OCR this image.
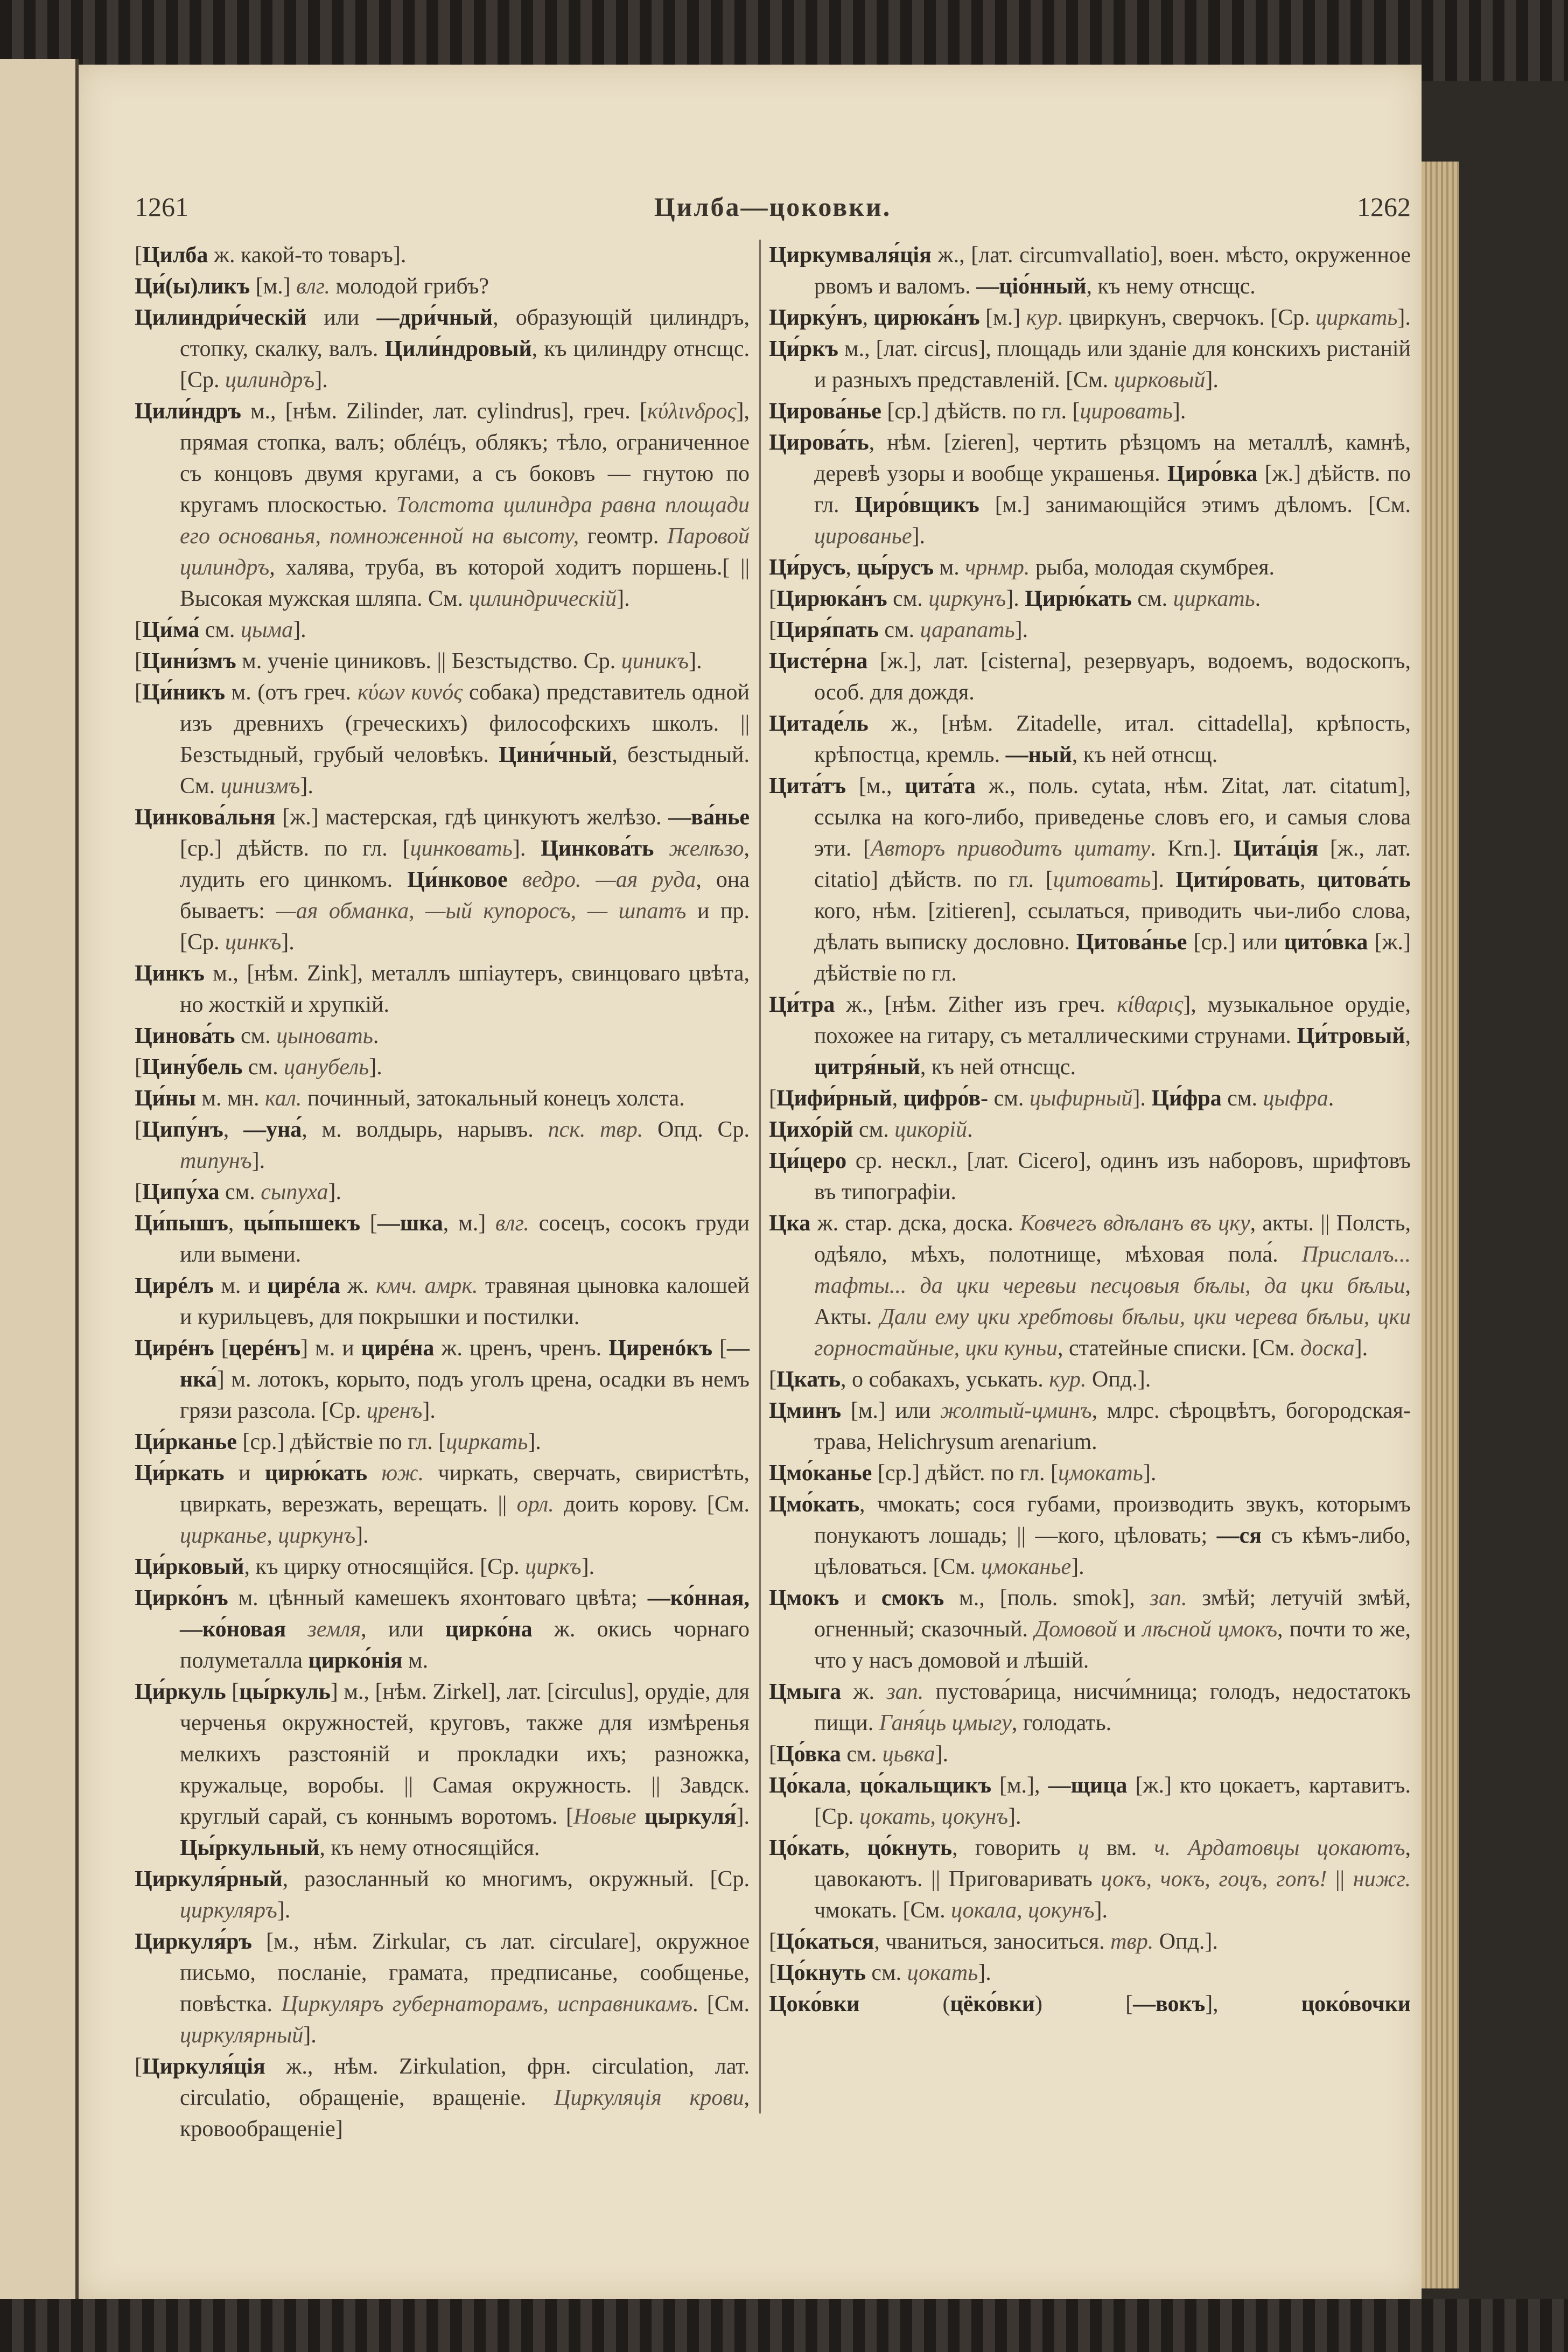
1261	Цилба—цоковки.	1262

[Цилба ж. какой-то товаръ].

Ци́(ы)ликъ [м.] влг. молодой грибъ?

Цилиндри́ческій или —дри́чный, образующій цилиндръ, стопку, скалку, валъ. Цили́ндровый, къ цилиндру отнсщс. [Ср. цилиндръ].

Цили́ндръ м., [нѣм. Zilinder, лат. cylindrus], греч. [κύλινδρος], прямая стопка, валъ; облéцъ, облякъ; тѣло, ограниченное съ концовъ двумя кругами, а съ боковъ — гнутою по кругамъ плоскостью. Толстота цилиндра равна площади его основанья, помноженной на высоту, геомтр. Паровой цилиндръ, халява, труба, въ которой ходитъ поршень.[ ||Высокая мужская шляпа. См. цилиндрическій].

[Ци́ма́ см. цыма].

[Цини́змъ м. ученіе циниковъ. || Безстыдство. Ср. циникъ].

[Ци́никъ м. (отъ греч. κύων κυνός собака) представитель одной изъ древнихъ (греческихъ) философскихъ школъ. || Безстыдный, грубый человѣкъ. Цини́чный, безстыдный. См. цинизмъ].

Цинкова́льня [ж.] мастерская, гдѣ цинкуютъ желѣзо. —ва́нье [ср.] дѣйств. по гл. [цинковать]. Цинкова́ть желѣзо, лудить его цинкомъ. Ци́нковое ведро. —ая руда, она бываетъ: —ая обманка, —ый купоросъ, — шпатъ и пр. [Ср. цинкъ].

Цинкъ м., [нѣм. Zink], металлъ шпіаутеръ, свинцоваго цвѣта, но жосткій и хрупкій.

Цинова́ть см. цыновать.

[Цину́бель см. цанубель].

Ци́ны м. мн. кал. починный, затокальный конецъ холста.

[Ципу́нъ, —уна́, м. волдырь, нарывъ. пск. твр. Опд. Ср. типунъ].

[Ципу́ха см. сыпуха].

Ци́пышъ, цы́пышекъ [—шка, м.] влг. сосецъ, сосокъ груди или вымени.

Цирéлъ м. и цирéла ж. кмч. амрк. травяная цыновка калошей и курильцевъ, для покрышки и постилки.

Цирéнъ [церéнъ] м. и цирéна ж. цренъ, чренъ. Циренóкъ [—нка́] м. лотокъ, корыто, подъ уголъ црена, осадки въ немъ грязи разсола. [Ср. цренъ].

Ци́рканье [ср.] дѣйствіе по гл. [циркать].

Ци́ркать и цирю́кать юж. чиркать, сверчать, свиристѣть, цвиркать, верезжать, верещать. || орл. доить корову. [См. цирканье, циркунъ].

Ци́рковый, къ цирку относящійся. [Ср. циркъ].

Цирко́нъ м. цѣнный камешекъ яхонтоваго цвѣта; —ко́нная, —ко́новая земля, или цирко́на ж. окись чорнаго полуметалла цирко́нія м.

Ци́ркуль [цы́ркуль] м., [нѣм. Zirkel], лат. [circulus], орудіе, для черченья окружностей, круговъ, также для измѣренья мелкихъ разстояній и прокладки ихъ; разножка, кружальце, воробы. || Самая окружность. || Завдск. круглый сарай, съ коннымъ воротомъ. [Новые цыркуля́]. Цы́ркульный, къ нему относящійся.

Циркуля́рный, разосланный ко многимъ, окружный. [Ср. циркуляръ].

Циркуля́ръ [м., нѣм. Zirkular, съ лат. circulare], окружное письмо, посланіе, грамата, предписанье, сообщенье, повѣстка. Циркуляръ губернаторамъ, исправникамъ. [См. циркулярный].

[Циркуля́ція ж., нѣм. Zirkulation, фрн. circulation, лат. circulatio, обращеніе, вращеніе. Циркуляція крови, кровообращеніе]

Циркумваля́ція ж., [лат. circumvallatio], воен. мѣсто, окруженное рвомъ и валомъ. —ціо́нный, къ нему отнсщс.

Цирку́нъ, цирюка́нъ [м.] кур. цвиркунъ, сверчокъ. [Ср. циркать].

Ци́ркъ м., [лат. circus], площадь или зданіе для конскихъ ристаній и разныхъ представленій. [См. цирковый].

Цирова́нье [ср.] дѣйств. по гл. [цировать].

Цирова́ть, нѣм. [zieren], чертить рѣзцомъ на металлѣ, камнѣ, деревѣ узоры и вообще украшенья. Циро́вка [ж.] дѣйств. по гл. Циро́вщикъ [м.] занимающійся этимъ дѣломъ. [См. цированье].

Ци́русъ, цы́русъ м. чрнмр. рыба, молодая скумбрея.

[Цирюка́нъ см. циркунъ]. Цирю́кать см. циркать.

[Циря́пать см. царапать].

Цисте́рна [ж.], лат. [cisterna], резервуаръ, водоемъ, водоскопъ, особ. для дождя.

Цитаде́ль ж., [нѣм. Zitadelle, итал. cittadella], крѣпость, крѣпостца, кремль. —ный, къ ней отнсщ.

Цита́тъ [м., цита́та ж., поль. cytata, нѣм. Zitat, лат. citatum], ссылка на кого-либо, приведенье словъ его, и самыя слова эти. [Авторъ приводитъ цитату. Krn.]. Цита́ція [ж., лат. citatio] дѣйств. по гл. [цитовать]. Цити́ровать, цитова́ть кого, нѣм. [zitieren], ссылаться, приводить чьи-либо слова, дѣлать выписку дословно. Цитова́нье [ср.] или цито́вка [ж.] дѣйствіе по гл.

Ци́тра ж., [нѣм. Zither изъ греч. κίθαρις], музыкальное орудіе, похожее на гитару, съ металлическими струнами. Ци́тровый, цитря́ный, къ ней отнсщс.

[Цифи́рный, цифро́в- см. цыфирный]. Ци́фра см. цыфра.

Цихо́рій см. цикорій.

Ци́церо ср. нескл., [лат. Cicero], одинъ изъ наборовъ, шрифтовъ въ типографіи.

Цка ж. стар. дска, доска. Ковчегъ вдѣланъ въ цку, акты. || Полсть, одѣяло, мѣхъ, полотнище, мѣховая пола́. Прислалъ... тафты... да цки черевьи песцовыя бѣлы, да цки бѣльи, Акты. Дали ему цки хребтовы бѣльи, цки черева бѣльи, цки горностайные, цки куньи, статейные списки. [См. доска].

[Цкать, о собакахъ, уськать. кур. Опд.].

Цминъ [м.] или жолтый-цминъ, млрс. сѣроцвѣтъ, богородская-трава, Helichrysum arenarium.

Цмо́канье [ср.] дѣйст. по гл. [цмокать].

Цмо́кать, чмокать; сося губами, производить звукъ, которымъ понукаютъ лошадь; || —кого, цѣловать; —ся съ кѣмъ-либо, цѣловаться. [См. цмоканье].

Цмокъ и смокъ м., [поль. smok], зап. змѣй; летучій змѣй, огненный; сказочный. Домовой и лѣсной цмокъ, почти то же, что у насъ домовой и лѣшій.

Цмыга ж. зап. пустова́рица, нисчи́мница; голодъ, недостатокъ пищи. Ганя́ць цмыгу, голодать.

[Цо́вка см. цьвка].

Цо́кала, цо́кальщикъ [м.], —щица [ж.] кто цокаетъ, картавитъ. [Ср. цокать, цокунъ].

Цо́кать, цо́кнуть, говорить ц вм. ч. Ардатовцы цокаютъ, цавокаютъ. || Приговаривать цокъ, чокъ, гоцъ, гопъ! || нижг. чмокать. [См. цокала, цокунъ].

[Цо́каться, чваниться, заноситься. твр. Опд.].

[Цо́кнуть см. цокать].

Цоко́вки (цёко́вки) [—вокъ], цоко́вочки
